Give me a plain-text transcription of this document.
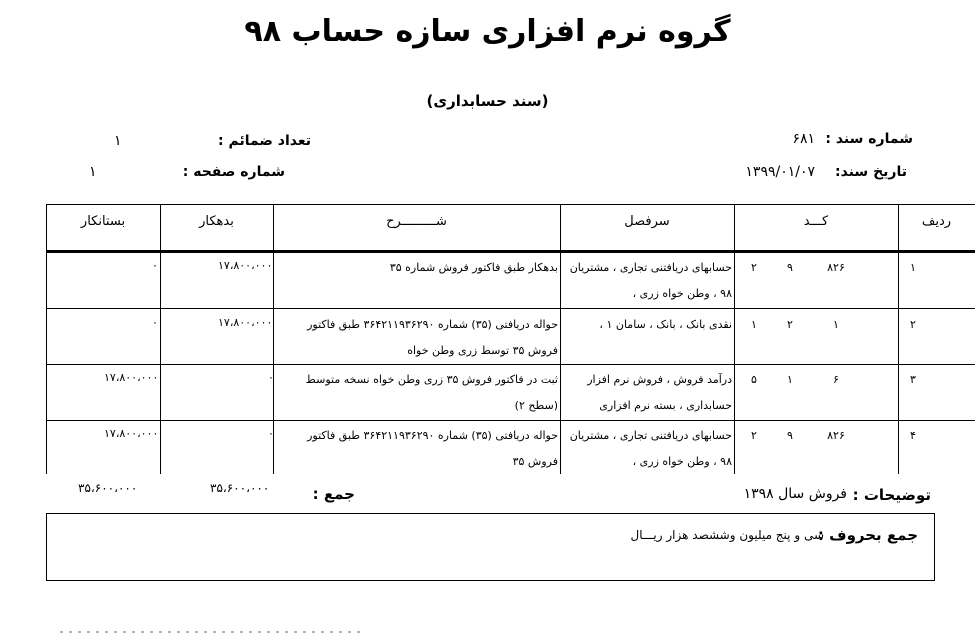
گروه نرم افزاری سازه حساب ۹۸
(سند حسابداری)
شماره سند :
۶۸۱
تاریخ سند:
۱۳۹۹/۰۱/۰۷
تعداد ضمائم :
۱
شماره صفحه :
۱
ردیف
کـــد
سرفصل
شـــــــــرح
بدهکار
بستانکار
۱
۸۲۶
۹
۲
حسابهای دریافتنی تجاری ، مشتریان
۹۸ ، وطن خواه زری ،
بدهکار طبق فاکتور فروش شماره ۳۵
۱۷،۸۰۰،۰۰۰
۰
۲
۱
۲
۱
نقدی بانک ، بانک ، سامان ۱ ،
حواله دریافتی (۳۵) شماره ۳۶۴۲۱۱۹۳۶۲۹۰ طبق فاکتور
فروش ۳۵ توسط زری وطن خواه
۱۷،۸۰۰،۰۰۰
۰
۳
۶
۱
۵
درآمد فروش ، فروش نرم افزار
حسابداری ، بسته نرم افزاری
ثبت در فاکتور فروش ۳۵ زری وطن خواه نسخه متوسط
(سطح ۲)
۰
۱۷،۸۰۰،۰۰۰
۴
۸۲۶
۹
۲
حسابهای دریافتنی تجاری ، مشتریان
۹۸ ، وطن خواه زری ،
حواله دریافتی (۳۵) شماره ۳۶۴۲۱۱۹۳۶۲۹۰ طبق فاکتور
فروش ۳۵
۰
۱۷،۸۰۰،۰۰۰
توضیحات :
فروش سال ۱۳۹۸
جمع :
۳۵،۶۰۰،۰۰۰
۳۵،۶۰۰،۰۰۰
جمع بحروف :
سی و پنج میلیون وششصد هزار ریـــال
